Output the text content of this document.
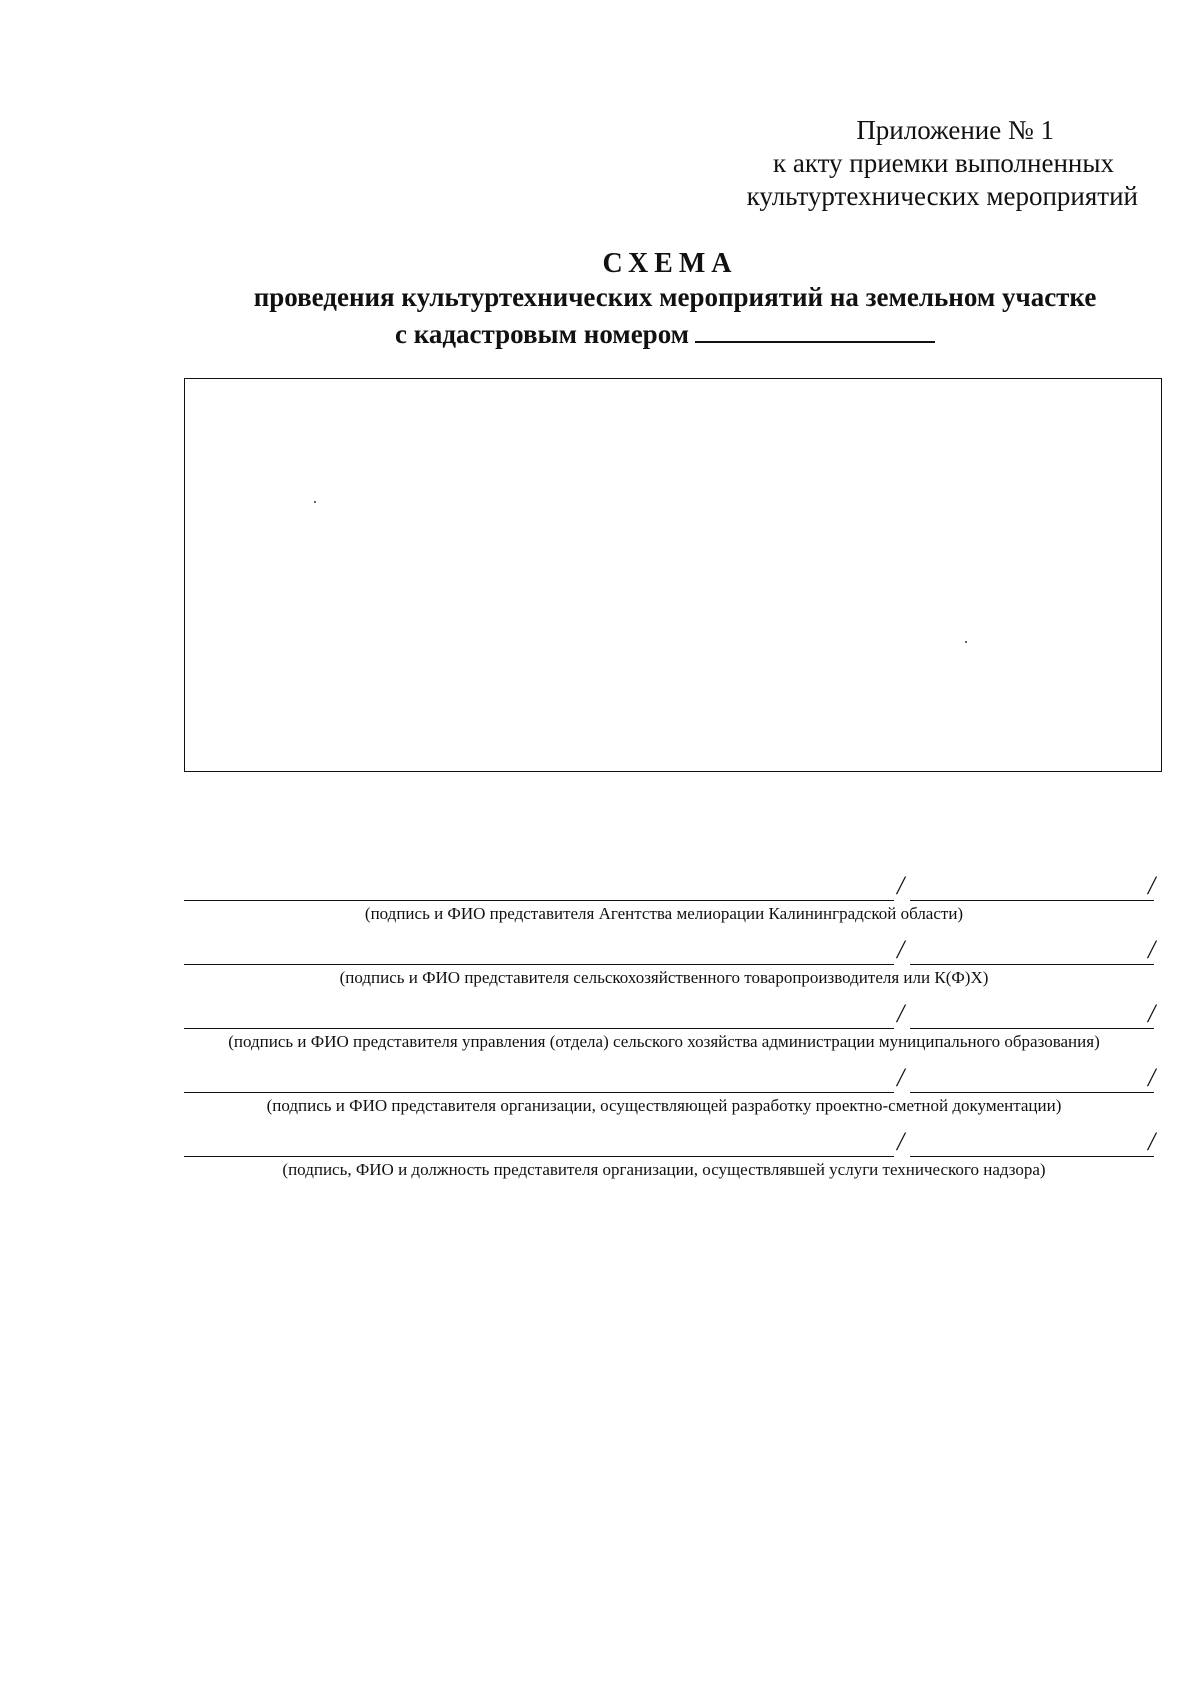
Приложение № 1
к акту приемки выполненных
культуртехнических мероприятий
СХЕМА
проведения культуртехнических мероприятий на земельном участке
с кадастровым номером
/	/
(подпись и ФИО представителя Агентства мелиорации Калининградской области)
/	/
(подпись и ФИО представителя сельскохозяйственного товаропроизводителя или К(Ф)Х)
/	/
(подпись и ФИО представителя управления (отдела) сельского хозяйства администрации муниципального образования)
/	/
(подпись и ФИО представителя организации, осуществляющей разработку проектно-сметной документации)
/	/
(подпись, ФИО и должность представителя организации, осуществлявшей услуги технического надзора)
